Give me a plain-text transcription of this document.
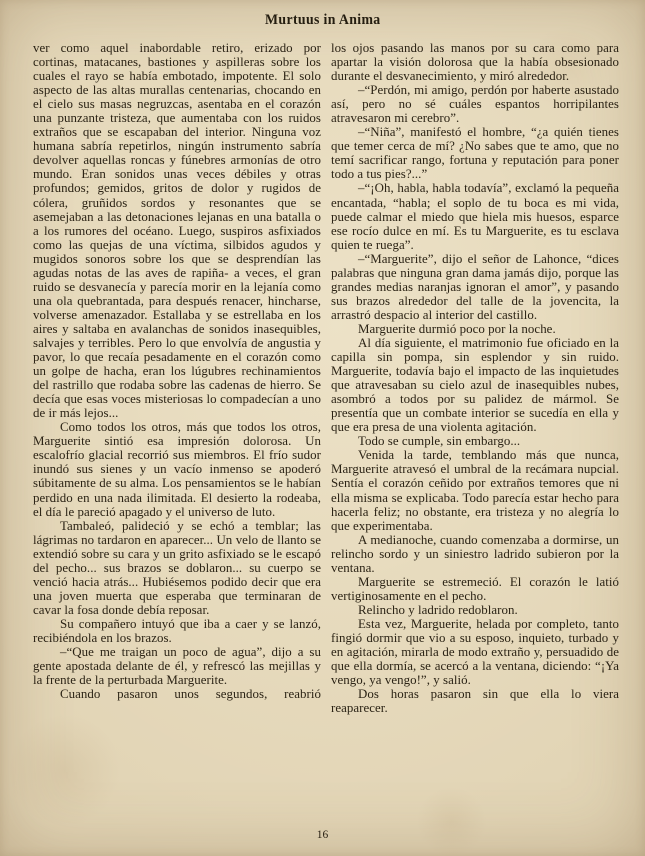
Murtuus in Anima

ver como aquel inabordable retiro, erizado por cortinas, matacanes, bastiones y aspilleras sobre los cuales el rayo se había embotado, impotente. El solo aspecto de las altas murallas centenarias, chocando en el cielo sus masas negruzcas, asentaba en el corazón una punzante tristeza, que aumentaba con los ruidos extraños que se escapaban del interior. Ninguna voz humana sabría repetirlos, ningún instrumento sabría devolver aquellas roncas y fúnebres armonías de otro mundo. Eran sonidos unas veces débiles y otras profundos; gemidos, gritos de dolor y rugidos de cólera, gruñidos sordos y resonantes que se asemejaban a las detonaciones lejanas en una batalla o a los rumores del océano. Luego, suspiros asfixiados como las quejas de una víctima, silbidos agudos y mugidos sonoros sobre los que se desprendían las agudas notas de las aves de rapiña- a veces, el gran ruido se desvanecía y parecía morir en la lejanía como una ola quebrantada, para después renacer, hincharse, volverse amenazador. Estallaba y se estrellaba en los aires y saltaba en avalanchas de sonidos inasequibles, salvajes y terribles. Pero lo que envolvía de angustia y pavor, lo que recaía pesadamente en el corazón como un golpe de hacha, eran los lúgubres rechinamientos del rastrillo que rodaba sobre las cadenas de hierro. Se decía que esas voces misteriosas lo compadecían a uno de ir más lejos...

Como todos los otros, más que todos los otros, Marguerite sintió esa impresión dolorosa. Un escalofrío glacial recorrió sus miembros. El frío sudor inundó sus sienes y un vacío inmenso se apoderó súbitamente de su alma. Los pensamientos se le habían perdido en una nada ilimitada. El desierto la rodeaba, el día le pareció apagado y el universo de luto.

Tambaleó, palideció y se echó a temblar; las lágrimas no tardaron en aparecer... Un velo de llanto se extendió sobre su cara y un grito asfixiado se le escapó del pecho... sus brazos se doblaron... su cuerpo se venció hacia atrás... Hubiésemos podido decir que era una joven muerta que esperaba que terminaran de cavar la fosa donde debía reposar.

Su compañero intuyó que iba a caer y se lanzó, recibiéndola en los brazos.

–“Que me traigan un poco de agua”, dijo a su gente apostada delante de él, y refrescó las mejillas y la frente de la perturbada Marguerite.

Cuando pasaron unos segundos, reabrió

los ojos pasando las manos por su cara como para apartar la visión dolorosa que la había obsesionado durante el desvanecimiento, y miró alrededor.

–“Perdón, mi amigo, perdón por haberte asustado así, pero no sé cuáles espantos horripilantes atravesaron mi cerebro”.

–“Niña”, manifestó el hombre, “¿a quién tienes que temer cerca de mí? ¿No sabes que te amo, que no temí sacrificar rango, fortuna y reputación para poner todo a tus pies?...”

–“¡Oh, habla, habla todavía”, exclamó la pequeña encantada, “habla; el soplo de tu boca es mi vida, puede calmar el miedo que hiela mis huesos, esparce ese rocío dulce en mí. Es tu Marguerite, es tu esclava quien te ruega”.

–“Marguerite”, dijo el señor de Lahonce, “dices palabras que ninguna gran dama jamás dijo, porque las grandes medias naranjas ignoran el amor”, y pasando sus brazos alrededor del talle de la jovencita, la arrastró despacio al interior del castillo.

Marguerite durmió poco por la noche.

Al día siguiente, el matrimonio fue oficiado en la capilla sin pompa, sin esplendor y sin ruido. Marguerite, todavía bajo el impacto de las inquietudes que atravesaban su cielo azul de inasequibles nubes, asombró a todos por su palidez de mármol. Se presentía que un combate interior se sucedía en ella y que era presa de una violenta agitación.

Todo se cumple, sin embargo...

Venida la tarde, temblando más que nunca, Marguerite atravesó el umbral de la recámara nupcial. Sentía el corazón ceñido por extraños temores que ni ella misma se explicaba. Todo parecía estar hecho para hacerla feliz; no obstante, era tristeza y no alegría lo que experimentaba.

A medianoche, cuando comenzaba a dormirse, un relincho sordo y un siniestro ladrido subieron por la ventana.

Marguerite se estremeció. El corazón le latió vertiginosamente en el pecho.

Relincho y ladrido redoblaron.

Esta vez, Marguerite, helada por completo, tanto fingió dormir que vio a su esposo, inquieto, turbado y en agitación, mirarla de modo extraño y, persuadido de que ella dormía, se acercó a la ventana, diciendo: “¡Ya vengo, ya vengo!”, y salió.

Dos horas pasaron sin que ella lo viera reaparecer.

16
